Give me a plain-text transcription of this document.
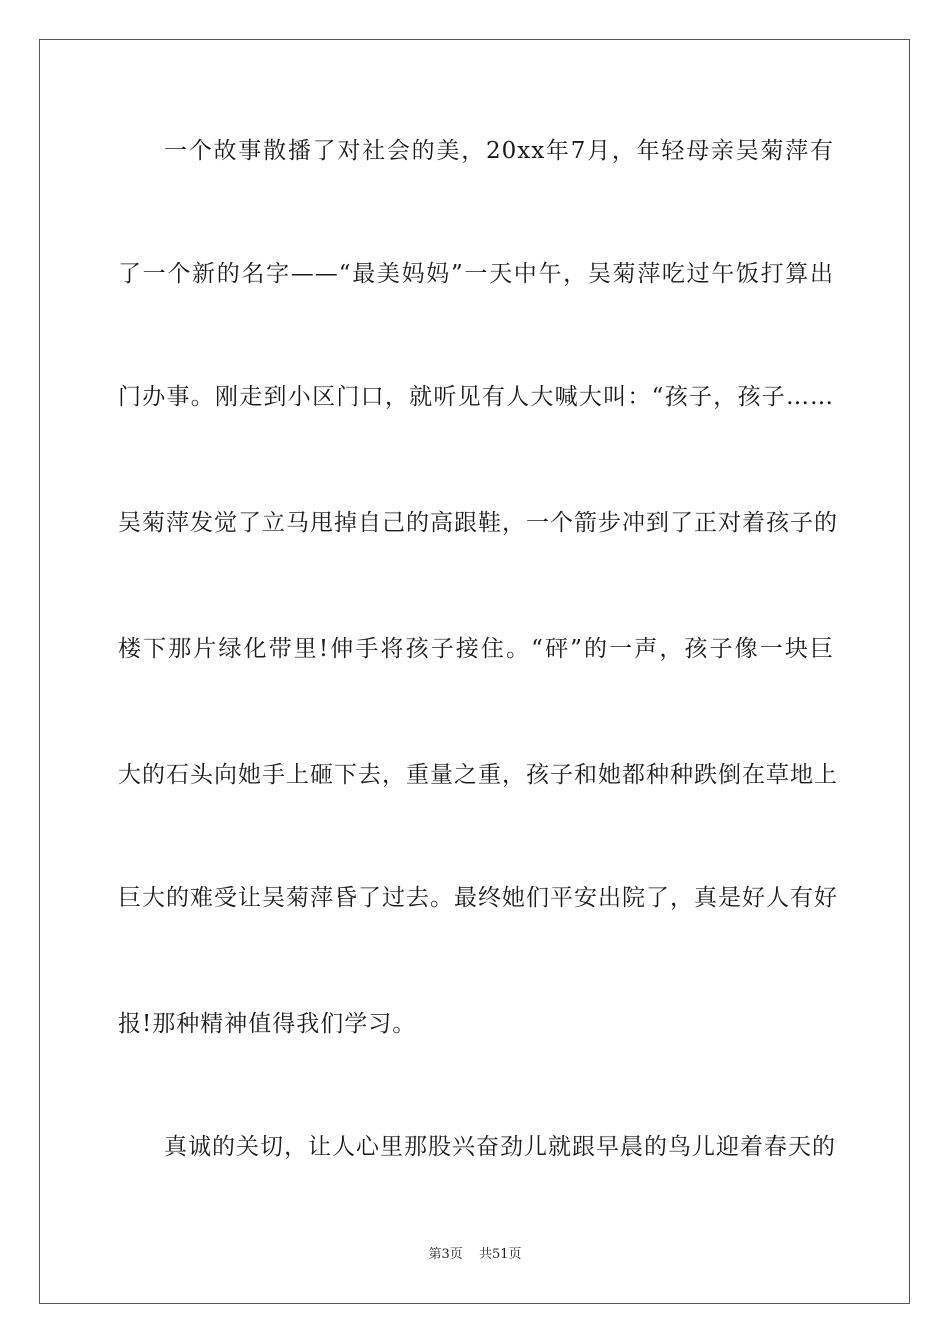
一个故事散播了对社会的美，20xx年7月，年轻母亲吴菊萍有
了一个新的名字——“最美妈妈”一天中午，吴菊萍吃过午饭打算出
门办事。刚走到小区门口，就听见有人大喊大叫：“孩子，孩子……
吴菊萍发觉了立马甩掉自己的高跟鞋，一个箭步冲到了正对着孩子的
楼下那片绿化带里!伸手将孩子接住。“砰”的一声，孩子像一块巨
大的石头向她手上砸下去，重量之重，孩子和她都种种跌倒在草地上
巨大的难受让吴菊萍昏了过去。最终她们平安出院了，真是好人有好
报!那种精神值得我们学习。
真诚的关切，让人心里那股兴奋劲儿就跟早晨的鸟儿迎着春天的
第3页 共51页
